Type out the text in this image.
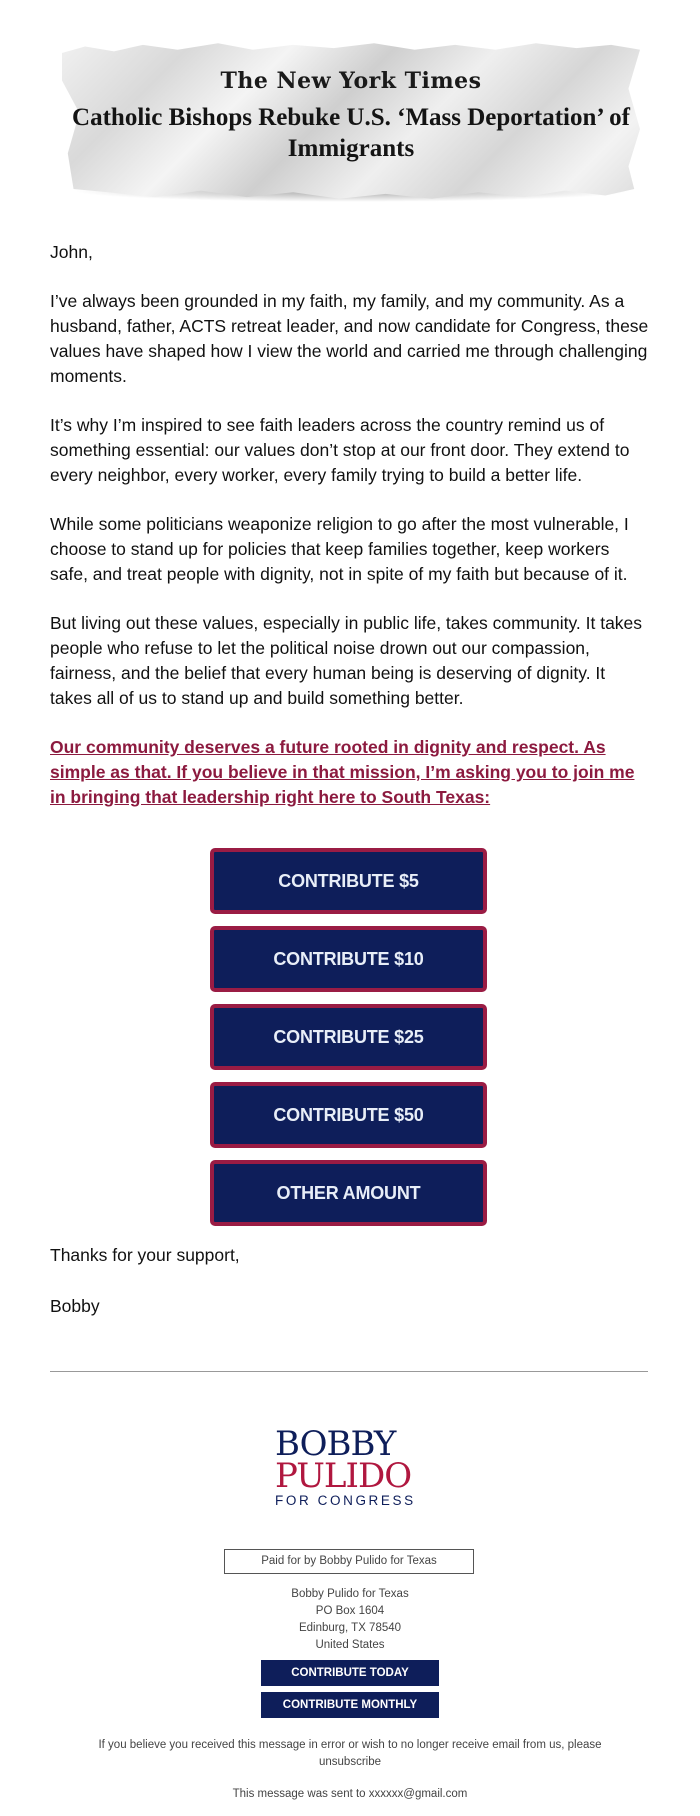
The New York Times
Catholic Bishops Rebuke U.S. ‘Mass Deportation’ of Immigrants

John,

I’ve always been grounded in my faith, my family, and my community. As a husband, father, ACTS retreat leader, and now candidate for Congress, these values have shaped how I view the world and carried me through challenging moments.

It’s why I’m inspired to see faith leaders across the country remind us of something essential: our values don’t stop at our front door. They extend to every neighbor, every worker, every family trying to build a better life.

While some politicians weaponize religion to go after the most vulnerable, I choose to stand up for policies that keep families together, keep workers safe, and treat people with dignity, not in spite of my faith but because of it.

But living out these values, especially in public life, takes community. It takes people who refuse to let the political noise drown out our compassion, fairness, and the belief that every human being is deserving of dignity. It takes all of us to stand up and build something better.

Our community deserves a future rooted in dignity and respect. As simple as that. If you believe in that mission, I’m asking you to join me in bringing that leadership right here to South Texas:

CONTRIBUTE $5
CONTRIBUTE $10
CONTRIBUTE $25
CONTRIBUTE $50
OTHER AMOUNT
Thanks for your support,
Bobby
BOBBY
PULIDO
FOR CONGRESS
Paid for by Bobby Pulido for Texas
Bobby Pulido for Texas
PO Box 1604
Edinburg, TX 78540
United States
CONTRIBUTE TODAY
CONTRIBUTE MONTHLY
If you believe you received this message in error or wish to no longer receive email from us, please
unsubscribe
This message was sent to xxxxxx@gmail.com
